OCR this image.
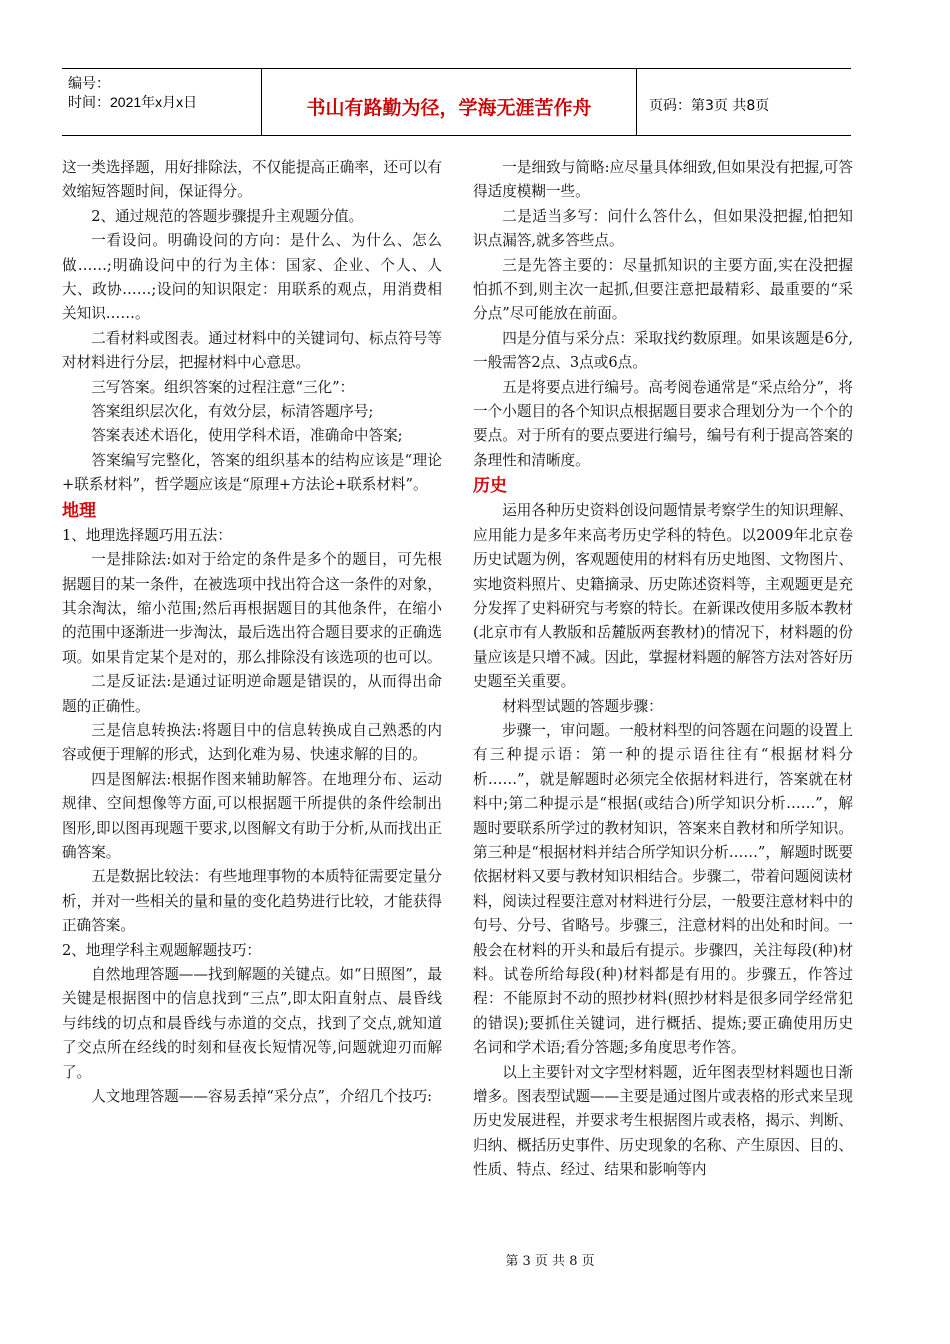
编号：
时间：2021年x月x日	书山有路勤为径，学海无涯苦作舟	页码：第3页 共8页

这一类选择题，用好排除法，不仅能提高正确率，还可以有效缩短答题时间，保证得分。

2、通过规范的答题步骤提升主观题分值。

一看设问。明确设问的方向：是什么、为什么、怎么做……;明确设问中的行为主体：国家、企业、个人、人大、政协……;设问的知识限定：用联系的观点，用消费相关知识……。

二看材料或图表。通过材料中的关键词句、标点符号等对材料进行分层，把握材料中心意思。

三写答案。组织答案的过程注意“三化”：

答案组织层次化，有效分层，标清答题序号;

答案表述术语化，使用学科术语，准确命中答案;

答案编写完整化，答案的组织基本的结构应该是“理论+联系材料”，哲学题应该是“原理+方法论+联系材料”。

地理

1、地理选择题巧用五法：

一是排除法:如对于给定的条件是多个的题目，可先根据题目的某一条件，在被选项中找出符合这一条件的对象，其余淘汰，缩小范围;然后再根据题目的其他条件，在缩小的范围中逐渐进一步淘汰，最后选出符合题目要求的正确选项。如果肯定某个是对的，那么排除没有该选项的也可以。

二是反证法:是通过证明逆命题是错误的，从而得出命题的正确性。

三是信息转换法:将题目中的信息转换成自己熟悉的内容或便于理解的形式，达到化难为易、快速求解的目的。

四是图解法:根据作图来辅助解答。在地理分布、运动规律、空间想像等方面,可以根据题干所提供的条件绘制出图形,即以图再现题干要求,以图解文有助于分析,从而找出正确答案。

五是数据比较法：有些地理事物的本质特征需要定量分析，并对一些相关的量和量的变化趋势进行比较，才能获得正确答案。

2、地理学科主观题解题技巧：

自然地理答题——找到解题的关键点。如“日照图”，最关键是根据图中的信息找到“三点”,即太阳直射点、晨昏线与纬线的切点和晨昏线与赤道的交点，找到了交点,就知道了交点所在经线的时刻和昼夜长短情况等,问题就迎刃而解了。

人文地理答题——容易丢掉“采分点”，介绍几个技巧:

一是细致与简略:应尽量具体细致,但如果没有把握,可答得适度模糊一些。

二是适当多写：问什么答什么，但如果没把握,怕把知识点漏答,就多答些点。

三是先答主要的：尽量抓知识的主要方面,实在没把握怕抓不到,则主次一起抓,但要注意把最精彩、最重要的“采分点”尽可能放在前面。

四是分值与采分点：采取找约数原理。如果该题是6分,一般需答2点、3点或6点。

五是将要点进行编号。高考阅卷通常是“采点给分”，将一个小题目的各个知识点根据题目要求合理划分为一个个的要点。对于所有的要点要进行编号，编号有利于提高答案的条理性和清晰度。

历史

运用各种历史资料创设问题情景考察学生的知识理解、应用能力是多年来高考历史学科的特色。以2009年北京卷历史试题为例，客观题使用的材料有历史地图、文物图片、实地资料照片、史籍摘录、历史陈述资料等，主观题更是充分发挥了史料研究与考察的特长。在新课改使用多版本教材(北京市有人教版和岳麓版两套教材)的情况下，材料题的份量应该是只增不减。因此，掌握材料题的解答方法对答好历史题至关重要。

材料型试题的答题步骤：

步骤一，审问题。一般材料型的问答题在问题的设置上有三种提示语：第一种的提示语往往有“根据材料分析……”，就是解题时必须完全依据材料进行，答案就在材料中;第二种提示是“根据(或结合)所学知识分析……”，解题时要联系所学过的教材知识，答案来自教材和所学知识。第三种是“根据材料并结合所学知识分析……”，解题时既要依据材料又要与教材知识相结合。步骤二，带着问题阅读材料，阅读过程要注意对材料进行分层，一般要注意材料中的句号、分号、省略号。步骤三，注意材料的出处和时间。一般会在材料的开头和最后有提示。步骤四，关注每段(种)材料。试卷所给每段(种)材料都是有用的。步骤五，作答过程：不能原封不动的照抄材料(照抄材料是很多同学经常犯的错误);要抓住关键词，进行概括、提炼;要正确使用历史名词和学术语;看分答题;多角度思考作答。

以上主要针对文字型材料题，近年图表型材料题也日渐增多。图表型试题——主要是通过图片或表格的形式来呈现历史发展进程，并要求考生根据图片或表格，揭示、判断、归纳、概括历史事件、历史现象的名称、产生原因、目的、性质、特点、经过、结果和影响等内

第 3 页 共 8 页
